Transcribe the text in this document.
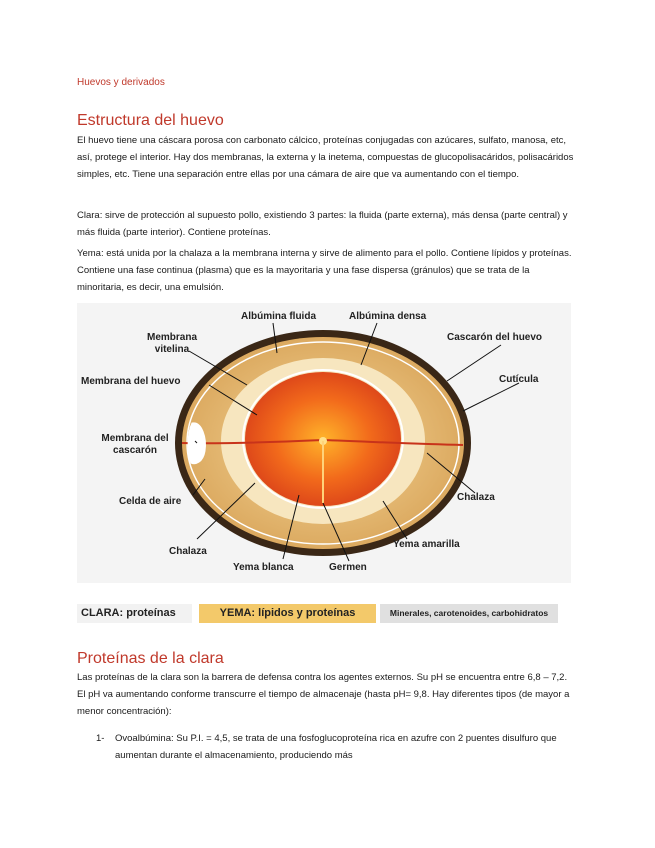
Huevos y derivados
Estructura del huevo

El huevo tiene una cáscara porosa con carbonato cálcico, proteínas conjugadas con azúcares, sulfato, manosa, etc, así, protege el interior. Hay dos membranas, la externa y la inetema, compuestas de glucopolisacáridos, polisacáridos simples, etc. Tiene una separación entre ellas por una cámara de aire que va aumentando con el tiempo.

Clara: sirve de protección al supuesto pollo, existiendo 3 partes: la fluida (parte externa), más densa (parte central) y más fluida (parte interior). Contiene proteínas.

Yema: está unida por la chalaza a la membrana interna y sirve de alimento para el pollo. Contiene lípidos y proteínas. Contiene una fase continua (plasma) que es la mayoritaria y una fase dispersa (gránulos) que se trata de la minoritaria, es decir, una emulsión.

Albúmina fluida	Albúmina densa
Membrana vitelina
Cascarón del huevo
Membrana del huevo	Cutícula
Membrana del cascarón
Celda de aire	Chalaza
Yema amarilla
Chalaza
Yema blanca	Germen
CLARA: proteínas	YEMA: lípidos y proteínas	Minerales, carotenoides, carbohidratos
Proteínas de la clara

Las proteínas de la clara son la barrera de defensa contra los agentes externos. Su pH se encuentra entre 6,8 – 7,2. El pH va aumentando conforme transcurre el tiempo de almacenaje (hasta pH= 9,8. Hay diferentes tipos (de mayor a menor concentración):

1- Ovoalbúmina: Su P.I. = 4,5, se trata de una fosfoglucoproteína rica en azufre con 2 puentes disulfuro que aumentan durante el almacenamiento, produciendo más
